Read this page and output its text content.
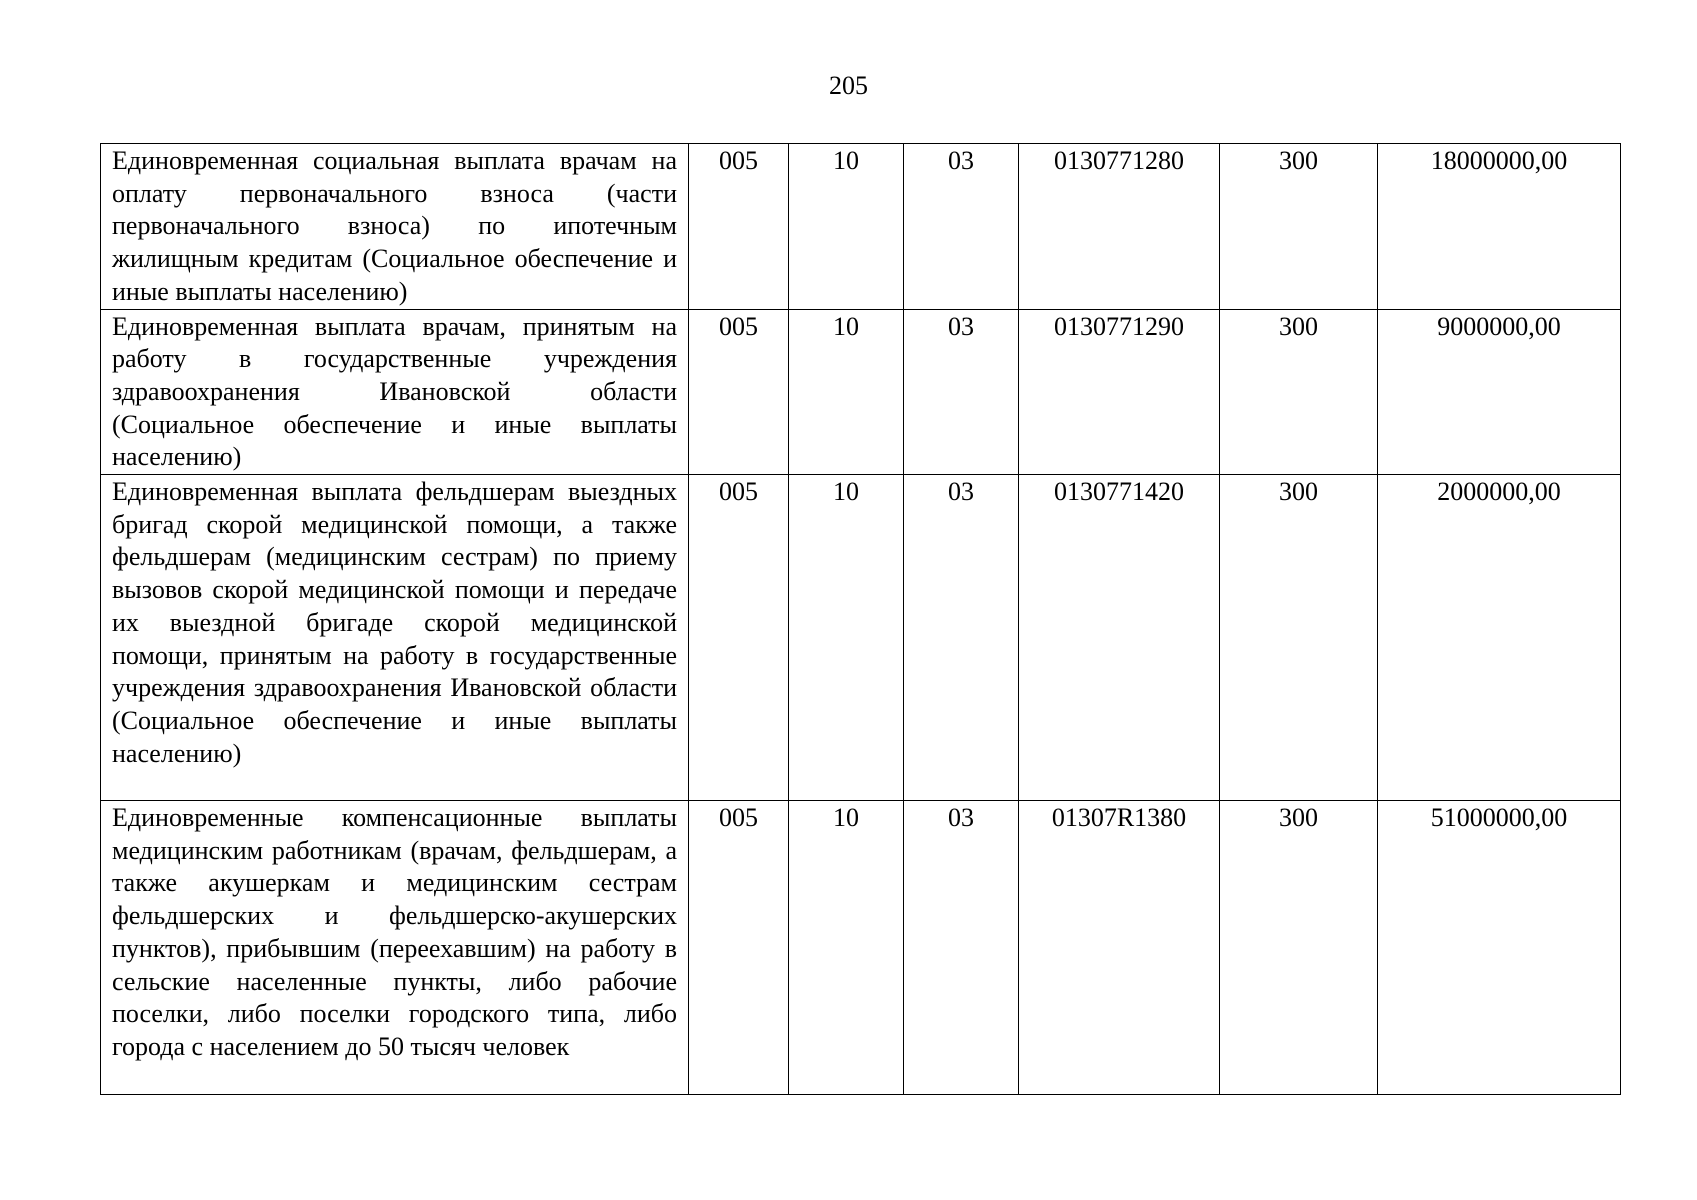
205
Единовременная социальная выплата врачам на оплату первоначального взноса (части первоначального взноса) по ипотечным жилищным кредитам (Социальное обеспечение и иные выплаты населению)	005	10	03	0130771280	300	18000000,00
Единовременная выплата врачам, принятым на работу в государственные учреждения здравоохранения Ивановской области (Социальное обеспечение и иные выплаты населению)	005	10	03	0130771290	300	9000000,00
Единовременная выплата фельдшерам выездных бригад скорой медицинской помощи, а также фельдшерам (медицинским сестрам) по приему вызовов скорой медицинской помощи и передаче их выездной бригаде скорой медицинской помощи, принятым на работу в государственные учреждения здравоохранения Ивановской области (Социальное обеспечение и иные выплаты населению)	005	10	03	0130771420	300	2000000,00
Единовременные компенсационные выплаты медицинским работникам (врачам, фельдшерам, а также акушеркам и медицинским сестрам фельдшерских и фельдшерско-акушерских пунктов), прибывшим (переехавшим) на работу в сельские населенные пункты, либо рабочие поселки, либо поселки городского типа, либо города с населением до 50 тысяч человек	005	10	03	01307R1380	300	51000000,00
